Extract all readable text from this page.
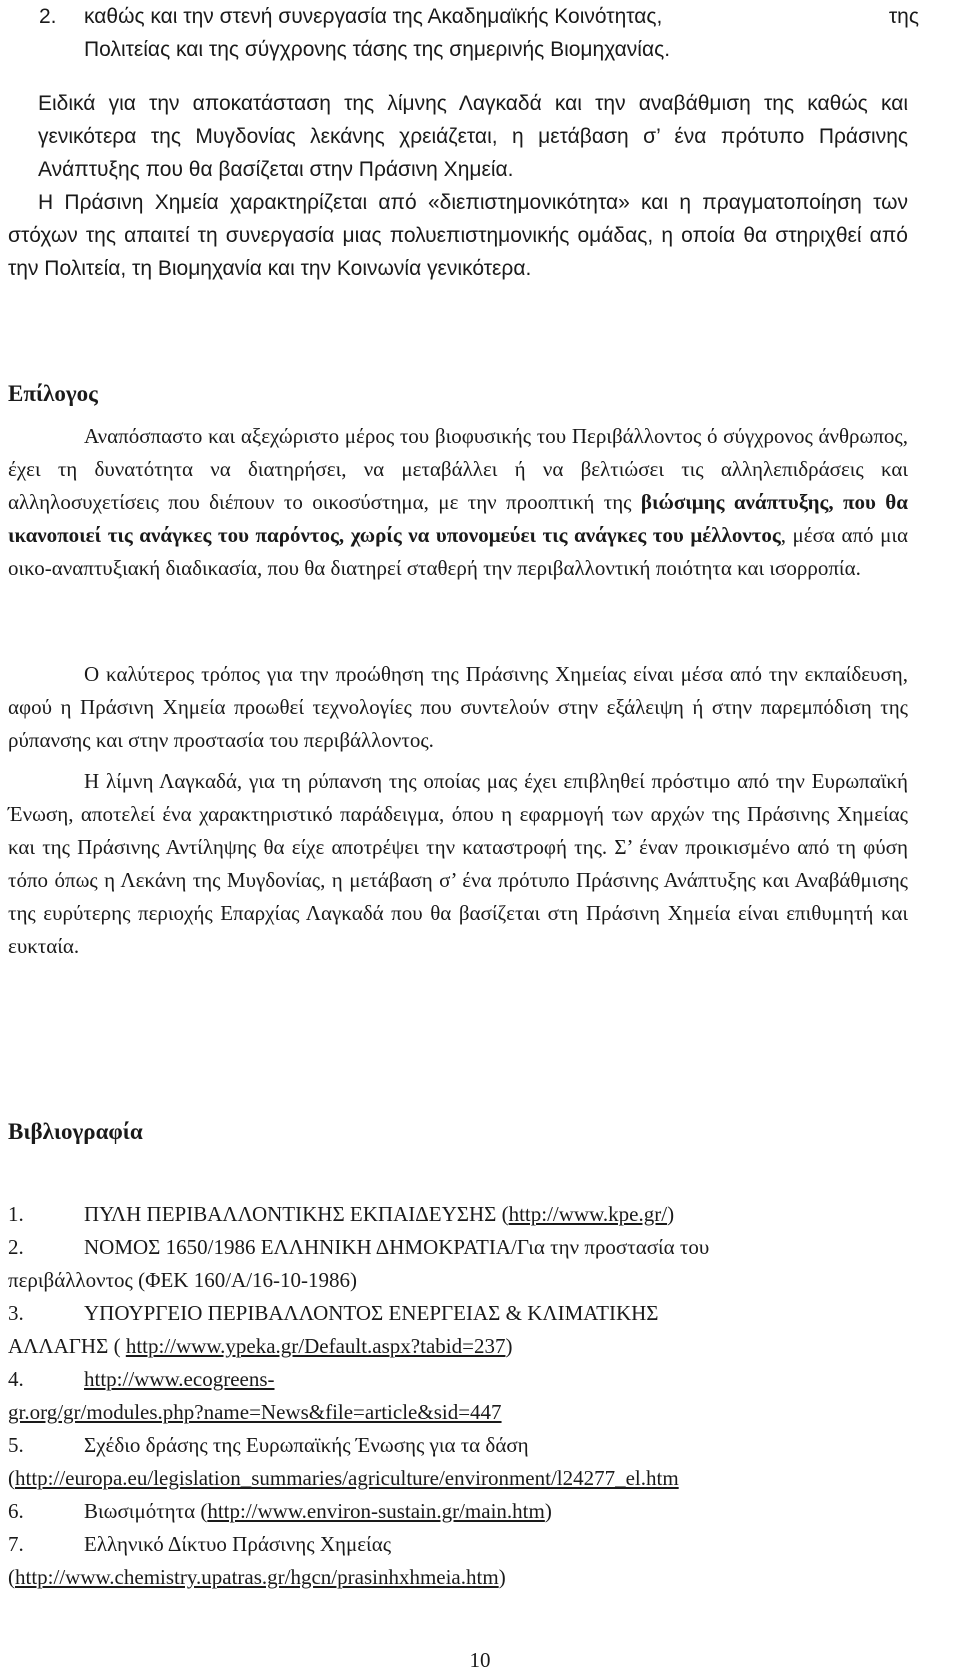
2. καθώς και την στενή συνεργασία της Ακαδημαϊκής Κοινότητας,	της
Πολιτείας και της σύγχρονης τάσης της σημερινής Βιομηχανίας.

Ειδικά για την αποκατάσταση της λίμνης Λαγκαδά και την αναβάθμιση της καθώς και γενικότερα της Μυγδονίας λεκάνης χρειάζεται, η μετάβαση σ’ ένα πρότυπο Πράσινης Ανάπτυξης που θα βασίζεται στην Πράσινη Χημεία.

Η Πράσινη Χημεία χαρακτηρίζεται από «διεπιστημονικότητα» και η πραγματοποίηση των στόχων της απαιτεί τη συνεργασία μιας πολυεπιστημονικής ομάδας, η οποία θα στηριχθεί από την Πολιτεία, τη Βιομηχανία και την Κοινωνία γενικότερα.

Επίλογος

Αναπόσπαστο και αξεχώριστο μέρος του βιοφυσικής του Περιβάλλοντος ό σύγχρονος άνθρωπος, έχει τη δυνατότητα να διατηρήσει, να μεταβάλλει ή να βελτιώσει τις αλληλεπιδράσεις και αλληλοσυχετίσεις που διέπουν το οικοσύστημα, με την προοπτική της βιώσιμης ανάπτυξης, που θα ικανοποιεί τις ανάγκες του παρόντος, χωρίς να υπονομεύει τις ανάγκες του μέλλοντος, μέσα από μια οικο-αναπτυξιακή διαδικασία, που θα διατηρεί σταθερή την περιβαλλοντική ποιότητα και ισορροπία.

Ο καλύτερος τρόπος για την προώθηση της Πράσινης Χημείας είναι μέσα από την εκπαίδευση, αφού η Πράσινη Χημεία προωθεί τεχνολογίες που συντελούν στην εξάλειψη ή στην παρεμπόδιση της ρύπανσης και στην προστασία του περιβάλλοντος.

Η λίμνη Λαγκαδά, για τη ρύπανση της οποίας μας έχει επιβληθεί πρόστιμο από την Ευρωπαϊκή Ένωση, αποτελεί ένα χαρακτηριστικό παράδειγμα, όπου η εφαρμογή των αρχών της Πράσινης Χημείας και της Πράσινης Αντίληψης θα είχε αποτρέψει την καταστροφή της. Σ’ έναν προικισμένο από τη φύση τόπο όπως η Λεκάνη της Μυγδονίας, η μετάβαση σ’ ένα πρότυπο Πράσινης Ανάπτυξης και Αναβάθμισης της ευρύτερης περιοχής Επαρχίας Λαγκαδά που θα βασίζεται στη Πράσινη Χημεία είναι επιθυμητή και ευκταία.

Βιβλιογραφία
1.	ΠΥΛΗ ΠΕΡΙΒΑΛΛΟΝΤΙΚΗΣ ΕΚΠΑΙΔΕΥΣΗΣ (http://www.kpe.gr/)
2.	ΝΟΜΟΣ 1650/1986 ΕΛΛΗΝΙΚΗ ΔΗΜΟΚΡΑΤΙΑ/Για την προστασία του
περιβάλλοντος (ΦΕΚ 160/Α/16-10-1986)
3.	ΥΠΟΥΡΓΕΙΟ ΠΕΡΙΒΑΛΛΟΝΤΟΣ ΕΝΕΡΓΕΙΑΣ & ΚΛΙΜΑΤΙΚΗΣ
ΑΛΛΑΓΗΣ ( http://www.ypeka.gr/Default.aspx?tabid=237)
4.	http://www.ecogreens-
gr.org/gr/modules.php?name=News&file=article&sid=447
5.	Σχέδιο δράσης της Ευρωπαϊκής Ένωσης για τα δάση
(http://europa.eu/legislation_summaries/agriculture/environment/l24277_el.htm
6.	Βιωσιμότητα (http://www.environ-sustain.gr/main.htm)
7.	Ελληνικό Δίκτυο Πράσινης Χημείας
(http://www.chemistry.upatras.gr/hgcn/prasinhxhmeia.htm)
10
